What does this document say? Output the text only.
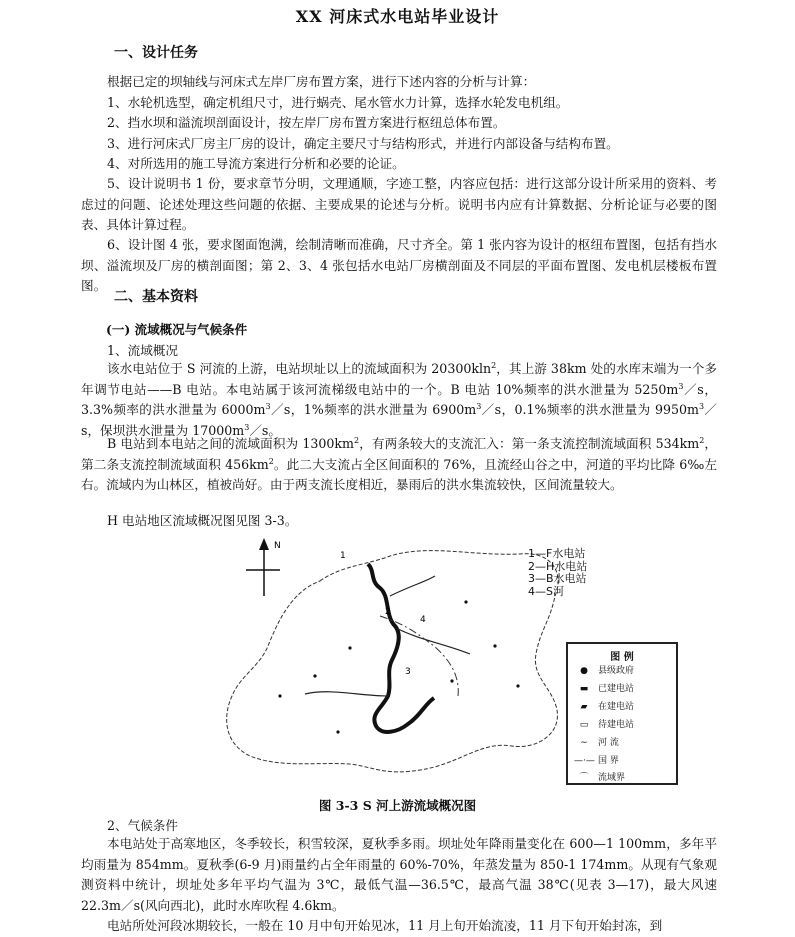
XX 河床式水电站毕业设计
一、设计任务
根据已定的坝轴线与河床式左岸厂房布置方案，进行下述内容的分析与计算：
1、水轮机选型，确定机组尺寸，进行蜗壳、尾水管水力计算，选择水轮发电机组。
2、挡水坝和溢流坝剖面设计，按左岸厂房布置方案进行枢纽总体布置。
3、进行河床式厂房主厂房的设计，确定主要尺寸与结构形式，并进行内部设备与结构布置。
4、对所选用的施工导流方案进行分析和必要的论证。
5、设计说明书 1 份，要求章节分明，文理通顺，字迹工整，内容应包括：进行这部分设计所采用的资料、考虑过的问题、论述处理这些问题的依据、主要成果的论述与分析。说明书内应有计算数据、分析论证与必要的图表、具体计算过程。
6、设计图 4 张，要求图面饱满，绘制清晰而准确，尺寸齐全。第 1 张内容为设计的枢纽布置图，包括有挡水坝、溢流坝及厂房的横剖面图；第 2、3、4 张包括水电站厂房横剖面及不同层的平面布置图、发电机层楼板布置图。
二、基本资料
(一) 流域概况与气候条件
1、流域概况
该水电站位于 S 河流的上游，电站坝址以上的流域面积为 20300kln$^2$，其上游 38km 处的水库末端为一个多年调节电站——B 电站。本电站属于该河流梯级电站中的一个。B 电站 10%频率的洪水泄量为 $5250m^3/s$，3.3%频率的洪水泄量为 $6000m^3/s$，1%频率的洪水泄量为 $6900m^3/s$，0.1%频率的洪水泄量为 $9950m^3/s$，保坝洪水泄量为 $17000m^3/s$。
B 电站到本电站之间的流域面积为 $1300km^2$，有两条较大的支流汇入：第一条支流控制流域面积 $534km^2$，第二条支流控制流域面积 $456km^2$。此二大支流占全区间面积的 76%，且流经山谷之中，河道的平均比降 6‰左右。流域内为山林区，植被尚好。由于两支流长度相近，暴雨后的洪水集流较快，区间流量较大。
H 电站地区流域概况图见图 3-3。
N
1
2
3
4
1—F水电站
2—H水电站
3—B水电站
4—S河
图 例
● 县级政府
▬ 已建电站
▰ 在建电站
▭ 待建电站
∼ 河 流
—·— 国 界
⌒ 流域界
图 3-3 S 河上游流域概况图
2、气候条件
本电站处于高寒地区，冬季较长，积雪较深，夏秋季多雨。坝址处年降雨量变化在 600—1 100mm，多年平均雨量为 854mm。夏秋季(6-9 月)雨量约占全年雨量的 60%-70%，年蒸发量为 850-1 174mm。从现有气象观测资料中统计，坝址处多年平均气温为 3℃，最低气温—36.5℃，最高气温 38℃(见表 3—17)，最大风速 22.3m／s(风向西北)，此时水库吹程 4.6km。
电站所处河段冰期较长，一般在 10 月中旬开始见冰，11 月上旬开始流凌，11 月下旬开始封冻，到
